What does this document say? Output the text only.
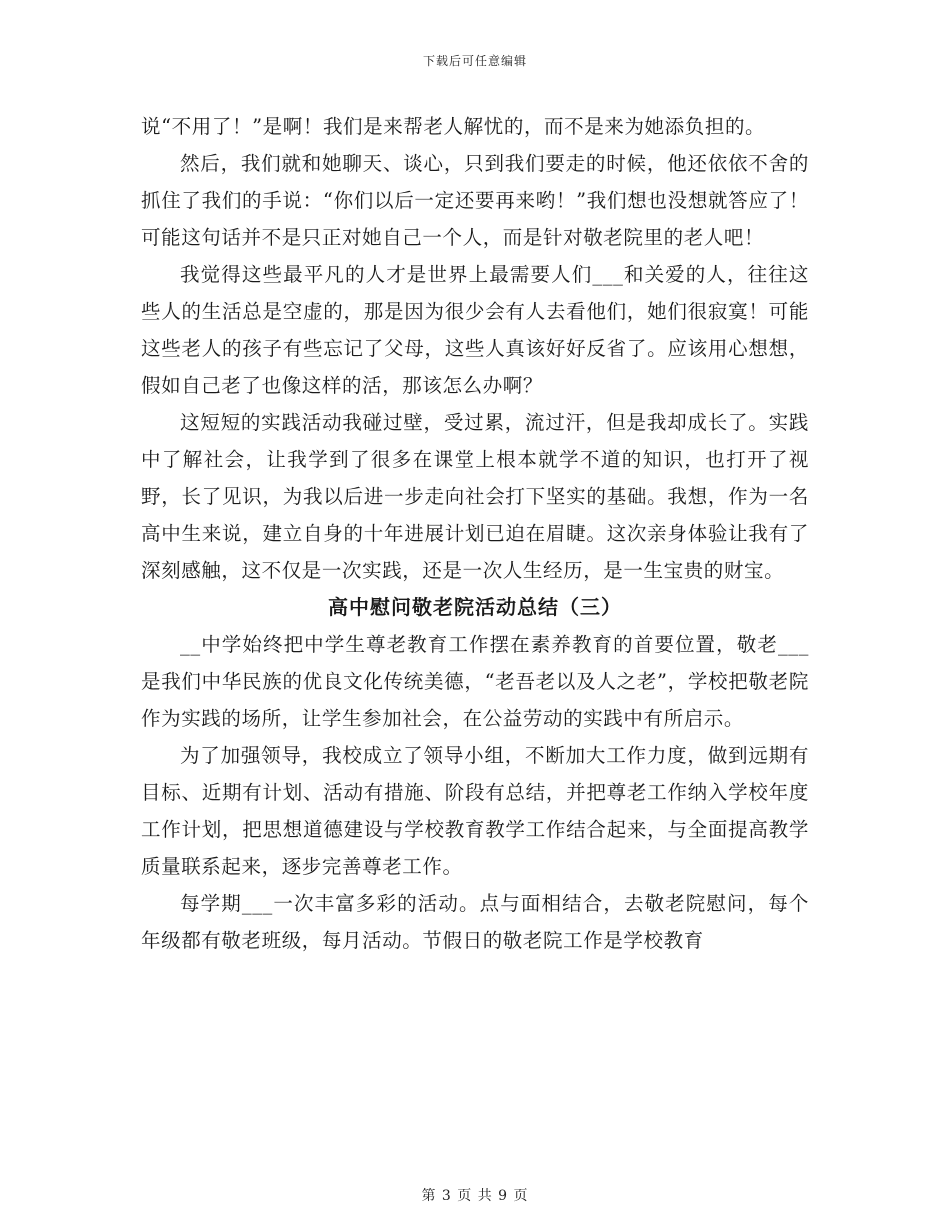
下载后可任意编辑

说“不用了！”是啊！我们是来帮老人解忧的，而不是来为她添负担的。

然后，我们就和她聊天、谈心，只到我们要走的时候，他还依依不舍的抓住了我们的手说：“你们以后一定还要再来哟！”我们想也没想就答应了！可能这句话并不是只正对她自己一个人，而是针对敬老院里的老人吧！

我觉得这些最平凡的人才是世界上最需要人们___和关爱的人，往往这些人的生活总是空虚的，那是因为很少会有人去看他们，她们很寂寞！可能这些老人的孩子有些忘记了父母，这些人真该好好反省了。应该用心想想，假如自己老了也像这样的活，那该怎么办啊？

这短短的实践活动我碰过壁，受过累，流过汗，但是我却成长了。实践中了解社会，让我学到了很多在课堂上根本就学不道的知识，也打开了视野，长了见识，为我以后进一步走向社会打下坚实的基础。我想，作为一名高中生来说，建立自身的十年进展计划已迫在眉睫。这次亲身体验让我有了深刻感触，这不仅是一次实践，还是一次人生经历，是一生宝贵的财宝。

高中慰问敬老院活动总结（三）

__中学始终把中学生尊老教育工作摆在素养教育的首要位置，敬老___是我们中华民族的优良文化传统美德，“老吾老以及人之老”，学校把敬老院作为实践的场所，让学生参加社会，在公益劳动的实践中有所启示。

为了加强领导，我校成立了领导小组，不断加大工作力度，做到远期有目标、近期有计划、活动有措施、阶段有总结，并把尊老工作纳入学校年度工作计划，把思想道德建设与学校教育教学工作结合起来，与全面提高教学质量联系起来，逐步完善尊老工作。

每学期___一次丰富多彩的活动。点与面相结合，去敬老院慰问，每个年级都有敬老班级，每月活动。节假日的敬老院工作是学校教育

第 3 页 共 9 页
